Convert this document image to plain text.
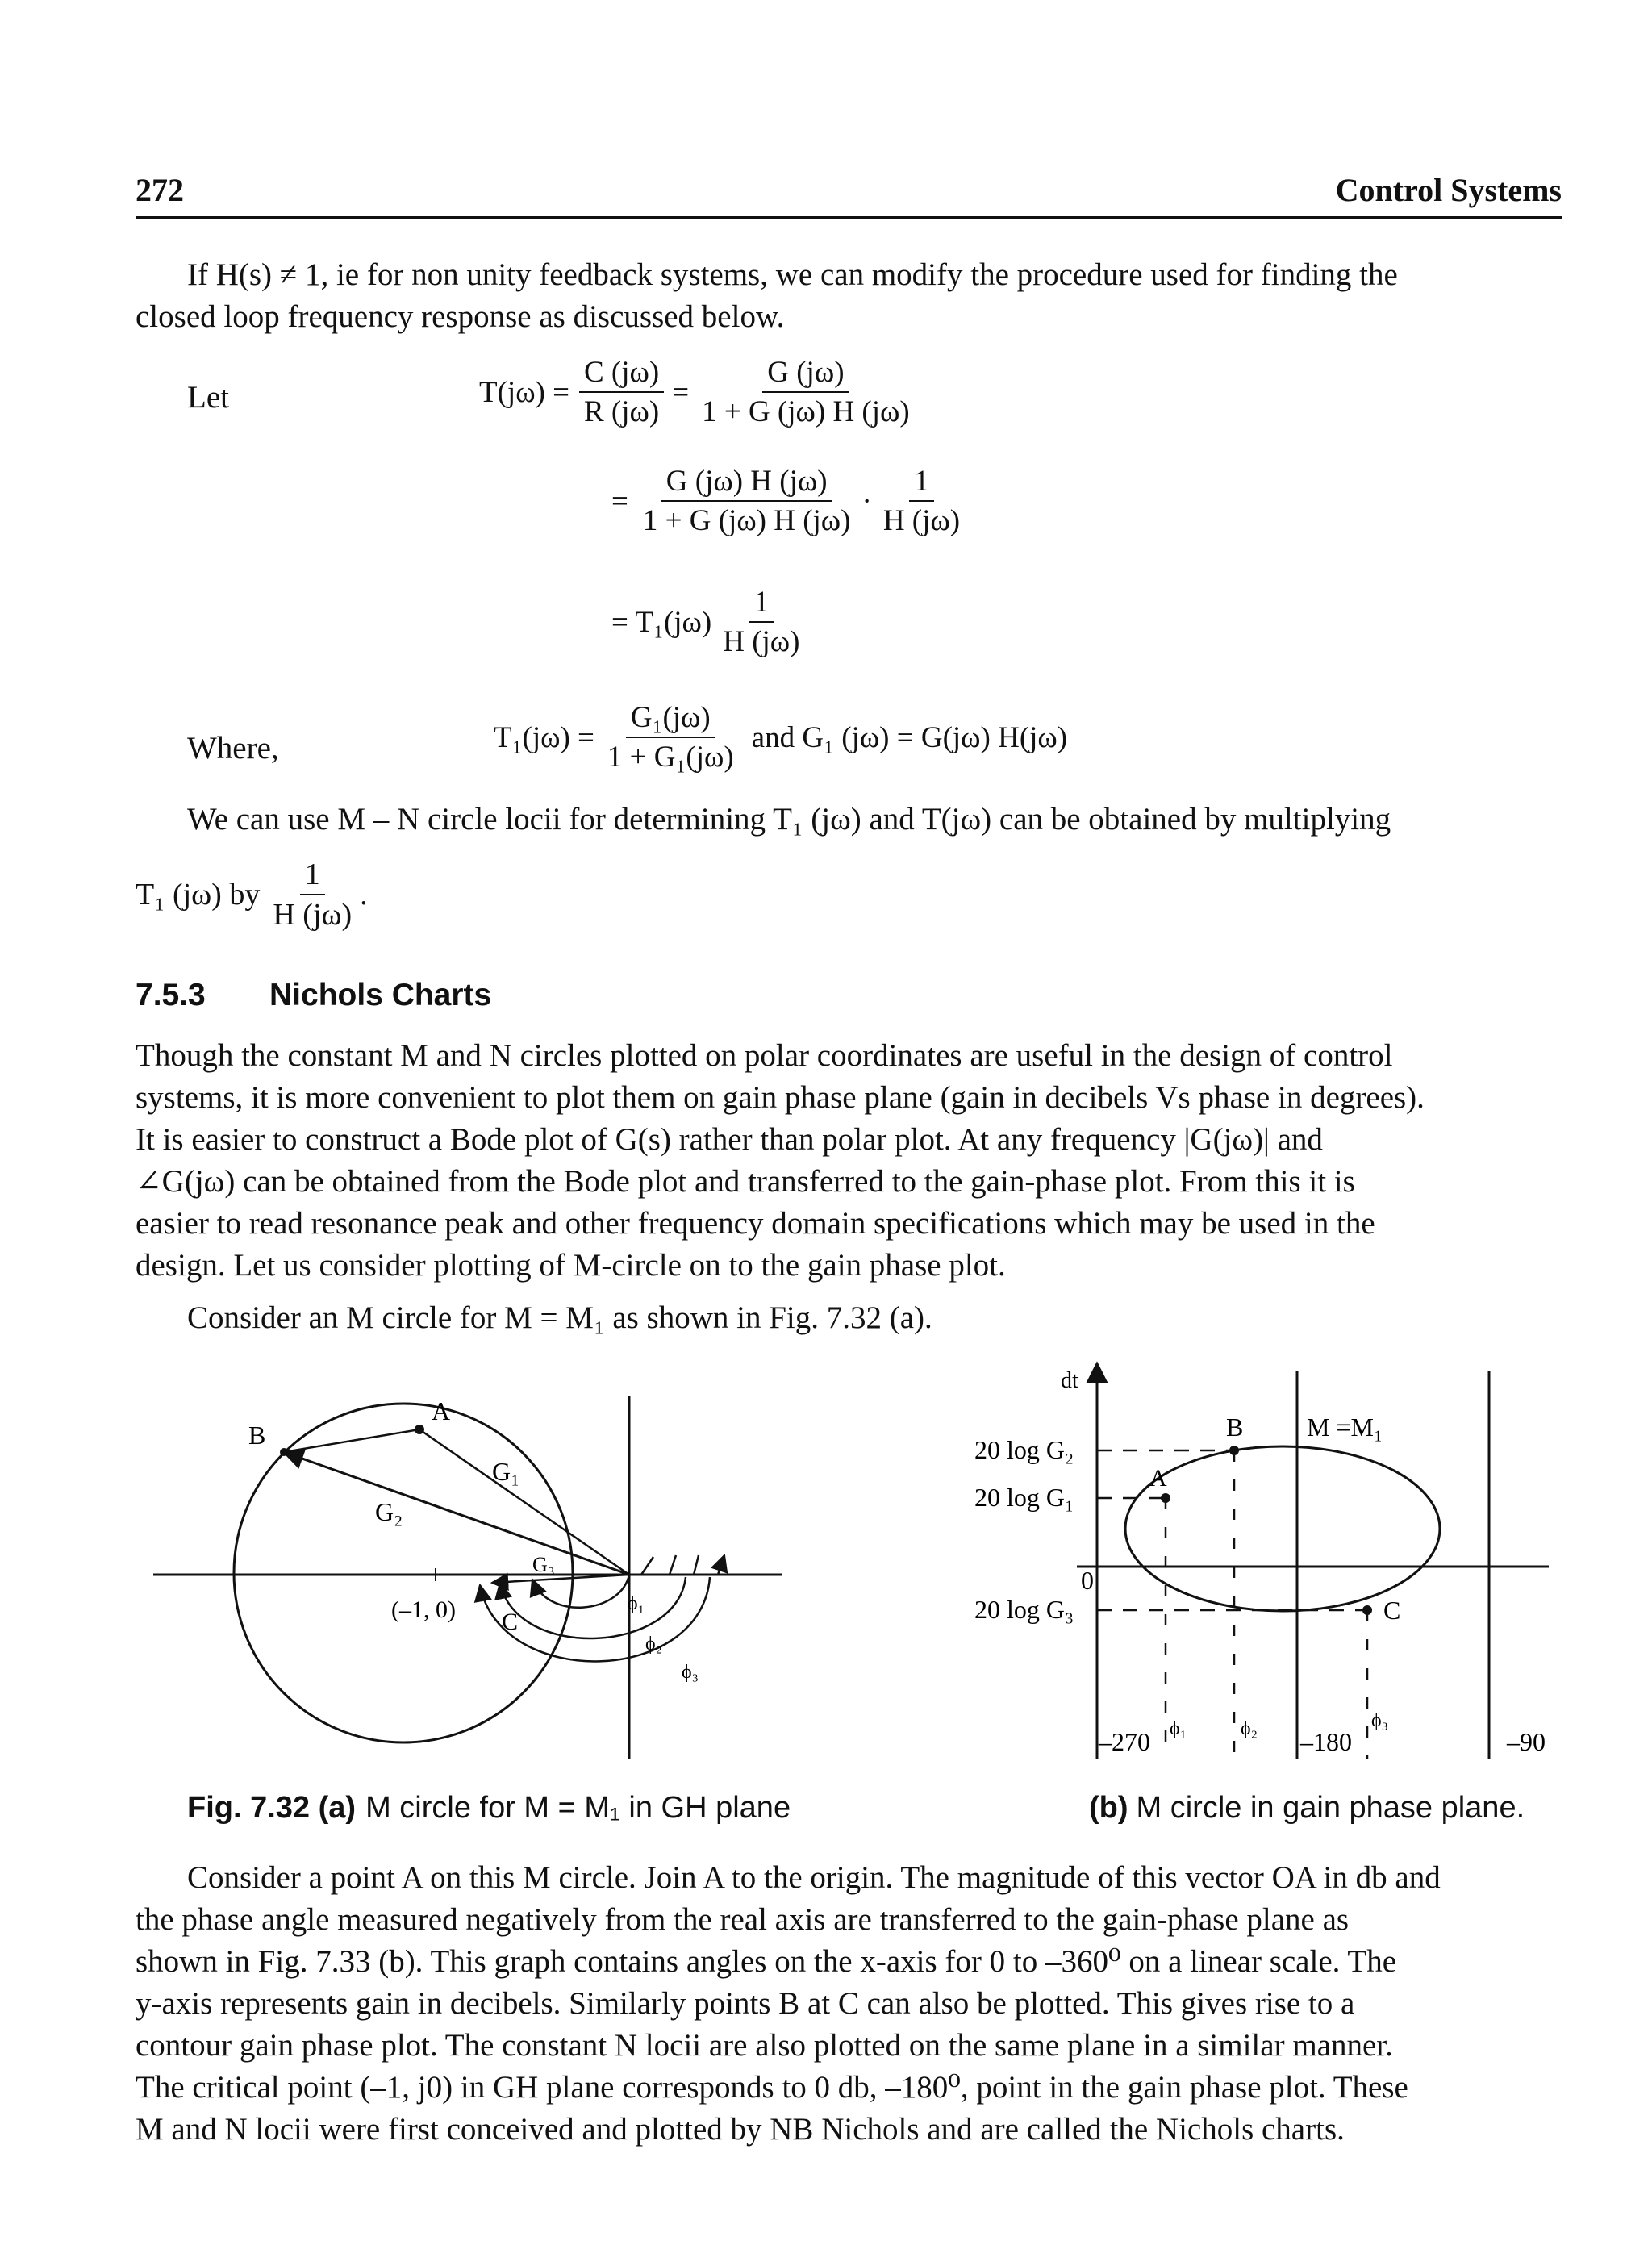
272	Control Systems
If H(s) ≠ 1, ie for non unity feedback systems, we can modify the procedure used for finding the
closed loop frequency response as discussed below.
Let	$T(j\omega) = \frac{C (j\omega)}{R (j\omega)} = \frac{G (j\omega)}{1 + G (j\omega) H (j\omega)}$
= $\frac{G (j\omega) H (j\omega)}{1 + G (j\omega) H (j\omega)} \cdot \frac{1}{H (j\omega)}$
= $T_1(j\omega) \frac{1}{H (j\omega)}$
Where,	$T_1(j\omega) = \frac{\text{G₁(jω)}}{\text{1 + G₁(jω)}}$ and G₁ (jω) = G(jω) H(jω)
We can use M – N circle locii for determining T₁ (jω) and T(jω) can be obtained by multiplying
T₁ (jω) by $\frac{1}{H (j\omega)}$ .
7.5.3 Nichols Charts
Though the constant M and N circles plotted on polar coordinates are useful in the design of control
systems, it is more convenient to plot them on gain phase plane (gain in decibels Vs phase in degrees).
It is easier to construct a Bode plot of G(s) rather than polar plot. At any frequency |G(jω)| and
∠G(jω) can be obtained from the Bode plot and transferred to the gain-phase plot. From this it is
easier to read resonance peak and other frequency domain specifications which may be used in the
design. Let us consider plotting of M-circle on to the gain phase plot.
Consider an M circle for M = M₁ as shown in Fig. 7.32 (a).
B
A
G₁
G₂
G₃
(–1, 0) C
ϕ₁
ϕ₂
ϕ₃
dt
20 log G₂
20 log G₁
0
20 log G₃
B
A
C
M =M₁
–270	–180	–90
ϕ₁	ϕ₂	ϕ₃
Fig. 7.32 (a) M circle for M = M₁ in GH plane	(b) M circle in gain phase plane.
Consider a point A on this M circle. Join A to the origin. The magnitude of this vector OA in db and
the phase angle measured negatively from the real axis are transferred to the gain-phase plane as
shown in Fig. 7.33 (b). This graph contains angles on the x-axis for 0 to –360⁰ on a linear scale. The
y-axis represents gain in decibels. Similarly points B at C can also be plotted. This gives rise to a
contour gain phase plot. The constant N locii are also plotted on the same plane in a similar manner.
The critical point (–1, j0) in GH plane corresponds to 0 db, –180⁰, point in the gain phase plot. These
M and N locii were first conceived and plotted by NB Nichols and are called the Nichols charts.
